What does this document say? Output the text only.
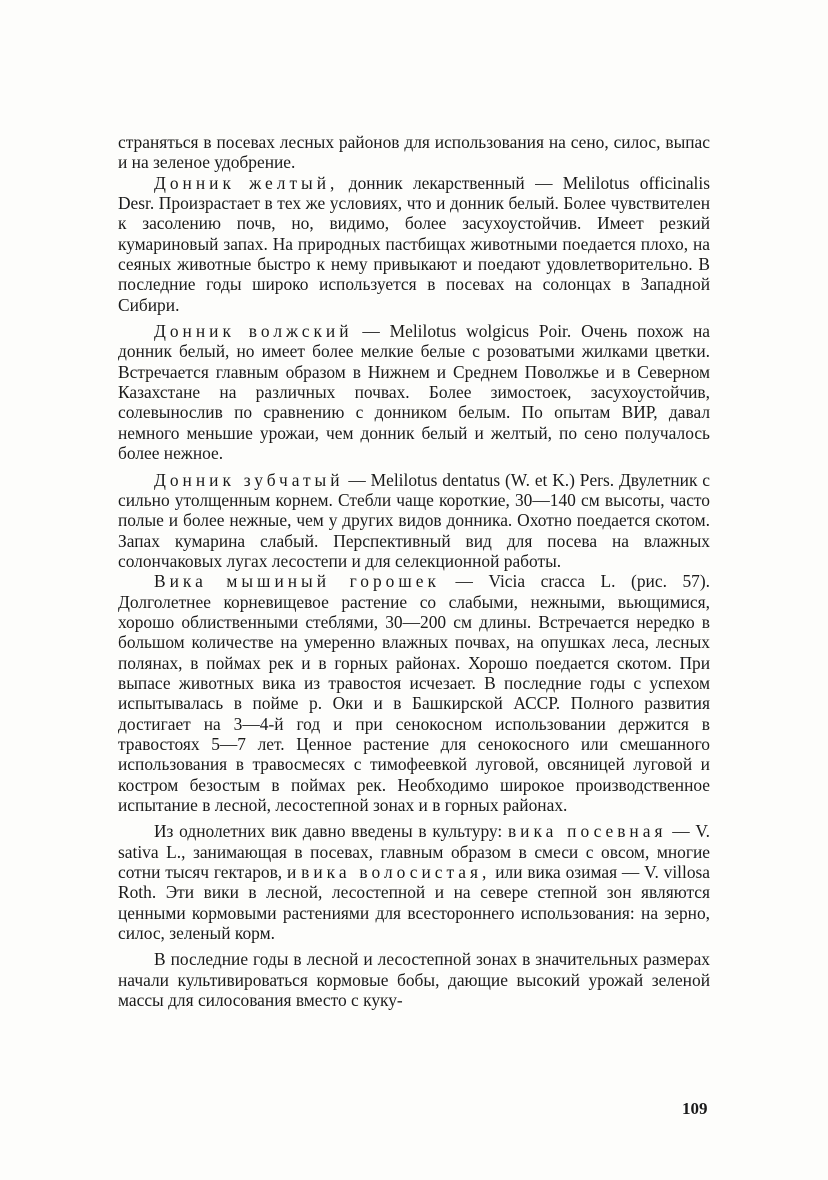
страняться в посевах лесных районов для использования на сено, силос, выпас и на зеленое удобрение.

Донник желтый, донник лекарственный — Melilotus officinalis Desr. Произрастает в тех же условиях, что и донник белый. Более чувствителен к засолению почв, но, видимо, более засухоустойчив. Имеет резкий кумариновый запах. На природных пастбищах животными поедается плохо, на сеяных животные быстро к нему привыкают и поедают удовлетворительно. В последние годы широко используется в посевах на солонцах в Западной Сибири.

Донник волжский — Melilotus wolgicus Poir. Очень похож на донник белый, но имеет более мелкие белые с розоватыми жилками цветки. Встречается главным образом в Нижнем и Среднем Поволжье и в Северном Казахстане на различных почвах. Более зимостоек, засухоустойчив, солевынослив по сравнению с донником белым. По опытам ВИР, давал немного меньшие урожаи, чем донник белый и желтый, по сено получалось более нежное.

Донник зубчатый — Melilotus dentatus (W. et K.) Pers. Двулетник с сильно утолщенным корнем. Стебли чаще короткие, 30—140 см высоты, часто полые и более нежные, чем у других видов донника. Охотно поедается скотом. Запах кумарина слабый. Перспективный вид для посева на влажных солончаковых лугах лесостепи и для селекционной работы.

Вика мышиный горошек — Vicia cracca L. (рис. 57). Долголетнее корневищевое растение со слабыми, нежными, вьющимися, хорошо облиственными стеблями, 30—200 см длины. Встречается нередко в большом количестве на умеренно влажных почвах, на опушках леса, лесных полянах, в поймах рек и в горных районах. Хорошо поедается скотом. При выпасе животных вика из травостоя исчезает. В последние годы с успехом испытывалась в пойме р. Оки и в Башкирской АССР. Полного развития достигает на 3—4-й год и при сенокосном использовании держится в травостоях 5—7 лет. Ценное растение для сенокосного или смешанного использования в травосмесях с тимофеевкой луговой, овсяницей луговой и костром безостым в поймах рек. Необходимо широкое производственное испытание в лесной, лесостепной зонах и в горных районах.

Из однолетних вик давно введены в культуру: вика посевная — V. sativa L., занимающая в посевах, главным образом в смеси с овсом, многие сотни тысяч гектаров, и вика волосистая, или вика озимая — V. villosa Roth. Эти вики в лесной, лесостепной и на севере степной зон являются ценными кормовыми растениями для всестороннего использования: на зерно, силос, зеленый корм.

В последние годы в лесной и лесостепной зонах в значительных размерах начали культивироваться кормовые бобы, дающие высокий урожай зеленой массы для силосования вместо с куку-

109
